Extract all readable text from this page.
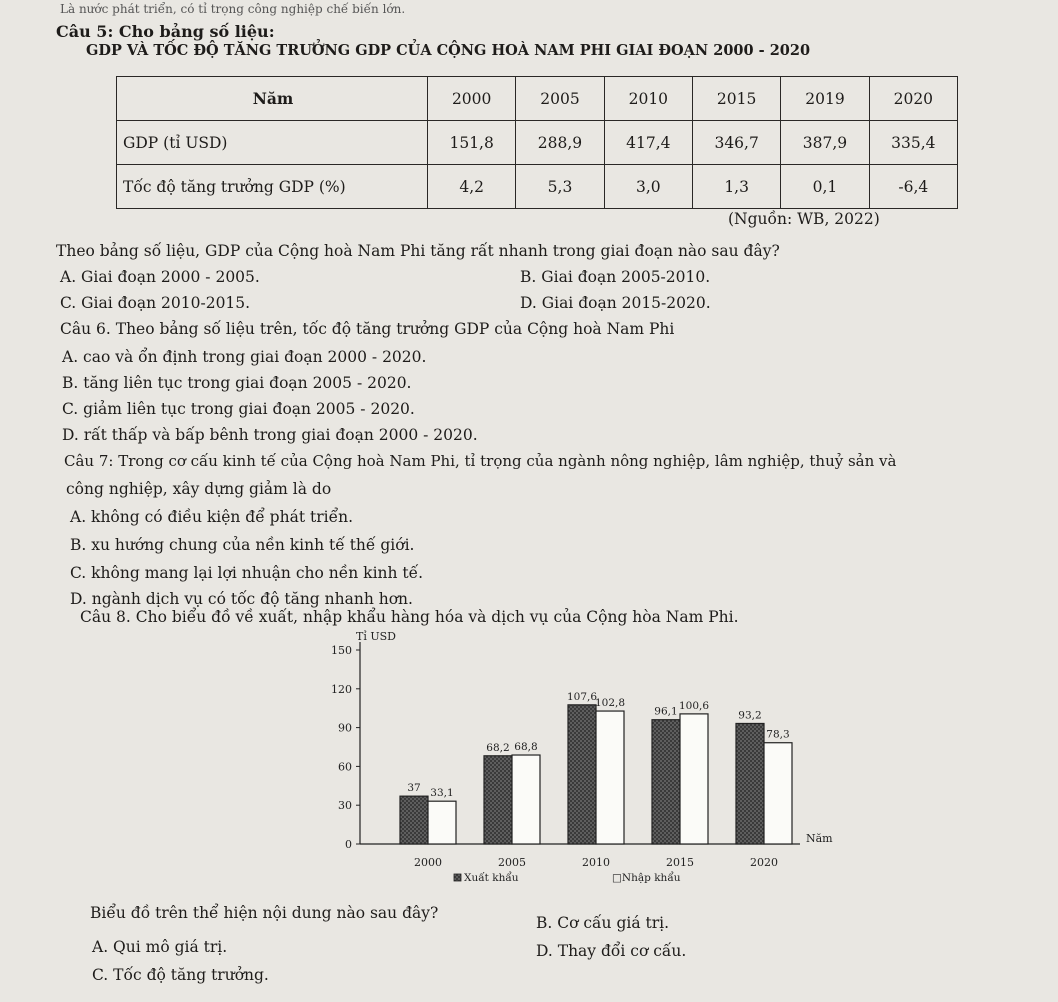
Là nước phát triển, có tỉ trọng công nghiệp chế biến lớn.
Câu 5: Cho bảng số liệu:
GDP VÀ TỐC ĐỘ TĂNG TRƯỞNG GDP CỦA CỘNG HOÀ NAM PHI GIAI ĐOẠN 2000 - 2020
Năm	2000	2005	2010	2015	2019	2020
GDP (tỉ USD)	151,8	288,9	417,4	346,7	387,9	335,4
Tốc độ tăng trưởng GDP (%)	4,2	5,3	3,0	1,3	0,1	-6,4
(Nguồn: WB, 2022)
Theo bảng số liệu, GDP của Cộng hoà Nam Phi tăng rất nhanh trong giai đoạn nào sau đây?
A. Giai đoạn 2000 - 2005.	B. Giai đoạn 2005-2010.
C. Giai đoạn 2010-2015.	D. Giai đoạn 2015-2020.
Câu 6. Theo bảng số liệu trên, tốc độ tăng trưởng GDP của Cộng hoà Nam Phi
A. cao và ổn định trong giai đoạn 2000 - 2020.
B. tăng liên tục trong giai đoạn 2005 - 2020.
C. giảm liên tục trong giai đoạn 2005 - 2020.
D. rất thấp và bấp bênh trong giai đoạn 2000 - 2020.
Câu 7: Trong cơ cấu kinh tế của Cộng hoà Nam Phi, tỉ trọng của ngành nông nghiệp, lâm nghiệp, thuỷ sản và
công nghiệp, xây dựng giảm là do
A. không có điều kiện để phát triển.
B. xu hướng chung của nền kinh tế thế giới.
C. không mang lại lợi nhuận cho nền kinh tế.
D. ngành dịch vụ có tốc độ tăng nhanh hơn.
Câu 8. Cho biểu đồ về xuất, nhập khẩu hàng hóa và dịch vụ của Cộng hòa Nam Phi.
Tỉ USD
Năm
0
30
60
90
120
150
37 33,1
2000
68,2 68,8
2005
107,6
102,8
2010
96,1 100,6
2015
93,2
78,3
2020
Xuất khẩu	□Nhập khẩu
Biểu đồ trên thể hiện nội dung nào sau đây?
A. Qui mô giá trị.
B. Cơ cấu giá trị.
C. Tốc độ tăng trưởng.
D. Thay đổi cơ cấu.
